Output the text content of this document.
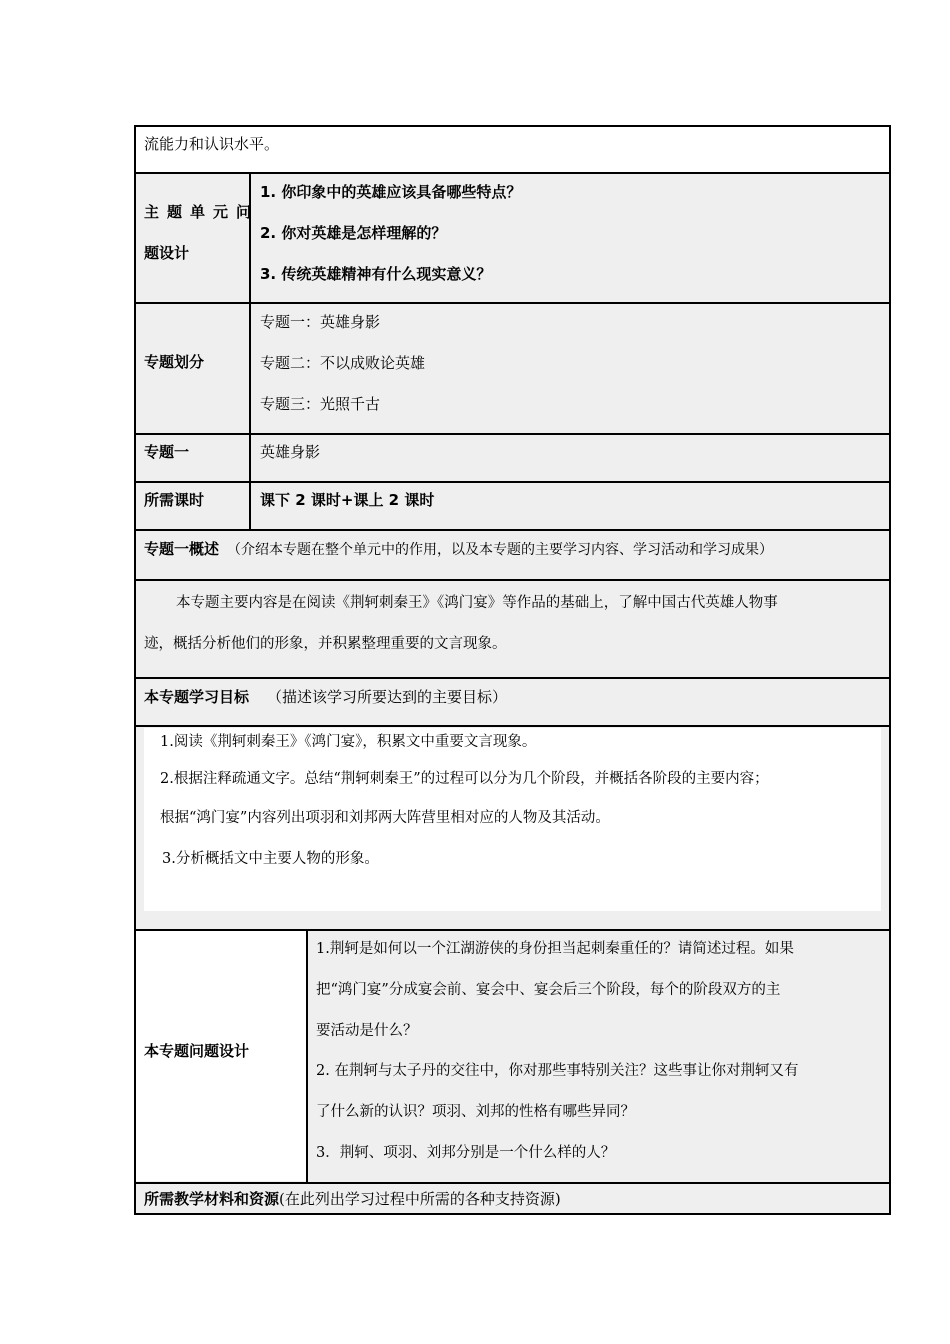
流能力和认识水平。
主题单元问
题设计
1. 你印象中的英雄应该具备哪些特点？
2. 你对英雄是怎样理解的？
3. 传统英雄精神有什么现实意义？
专题划分
专题一：英雄身影
专题二：不以成败论英雄
专题三：光照千古
专题一	英雄身影
所需课时	课下 2 课时+课上 2 课时
专题一概述 （介绍本专题在整个单元中的作用，以及本专题的主要学习内容、学习活动和学习成果）
本专题主要内容是在阅读《荆轲刺秦王》《鸿门宴》等作品的基础上，了解中国古代英雄人物事
迹，概括分析他们的形象，并积累整理重要的文言现象。
本专题学习目标 （描述该学习所要达到的主要目标）
1.阅读《荆轲刺秦王》《鸿门宴》，积累文中重要文言现象。
2.根据注释疏通文字。总结“荆轲刺秦王”的过程可以分为几个阶段，并概括各阶段的主要内容；
根据“鸿门宴”内容列出项羽和刘邦两大阵营里相对应的人物及其活动。
3.分析概括文中主要人物的形象。
本专题问题设计
1.荆轲是如何以一个江湖游侠的身份担当起刺秦重任的？请简述过程。如果
把“鸿门宴”分成宴会前、宴会中、宴会后三个阶段，每个的阶段双方的主
要活动是什么？
2. 在荆轲与太子丹的交往中，你对那些事特别关注？这些事让你对荆轲又有
了什么新的认识？项羽、刘邦的性格有哪些异同？
3．荆轲、项羽、刘邦分别是一个什么样的人？
所需教学材料和资源(在此列出学习过程中所需的各种支持资源)
